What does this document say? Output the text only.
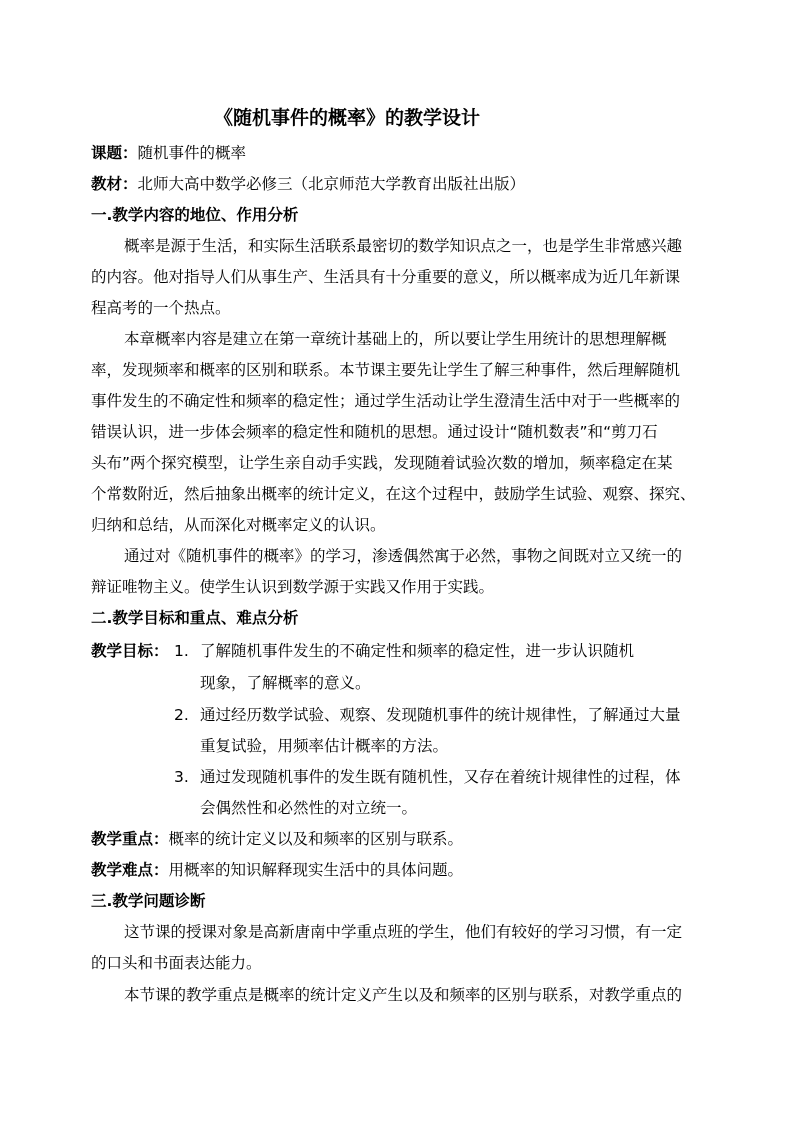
《随机事件的概率》的教学设计
课题：随机事件的概率
教材：北师大高中数学必修三（北京师范大学教育出版社出版）
一.教学内容的地位、作用分析
概率是源于生活，和实际生活联系最密切的数学知识点之一，也是学生非常感兴趣
的内容。他对指导人们从事生产、生活具有十分重要的意义，所以概率成为近几年新课
程高考的一个热点。
本章概率内容是建立在第一章统计基础上的，所以要让学生用统计的思想理解概
率，发现频率和概率的区别和联系。本节课主要先让学生了解三种事件，然后理解随机
事件发生的不确定性和频率的稳定性；通过学生活动让学生澄清生活中对于一些概率的
错误认识，进一步体会频率的稳定性和随机的思想。通过设计“随机数表”和“剪刀石
头布”两个探究模型，让学生亲自动手实践，发现随着试验次数的增加，频率稳定在某
个常数附近，然后抽象出概率的统计定义，在这个过程中，鼓励学生试验、观察、探究、
归纳和总结，从而深化对概率定义的认识。
通过对《随机事件的概率》的学习，渗透偶然寓于必然，事物之间既对立又统一的
辩证唯物主义。使学生认识到数学源于实践又作用于实践。
二.教学目标和重点、难点分析
教学目标： 1. 了解随机事件发生的不确定性和频率的稳定性，进一步认识随机
现象，了解概率的意义。
2. 通过经历数学试验、观察、发现随机事件的统计规律性，了解通过大量
重复试验，用频率估计概率的方法。
3. 通过发现随机事件的发生既有随机性，又存在着统计规律性的过程，体
会偶然性和必然性的对立统一。
教学重点：概率的统计定义以及和频率的区别与联系。
教学难点：用概率的知识解释现实生活中的具体问题。
三.教学问题诊断
这节课的授课对象是高新唐南中学重点班的学生，他们有较好的学习习惯，有一定
的口头和书面表达能力。
本节课的教学重点是概率的统计定义产生以及和频率的区别与联系，对教学重点的
